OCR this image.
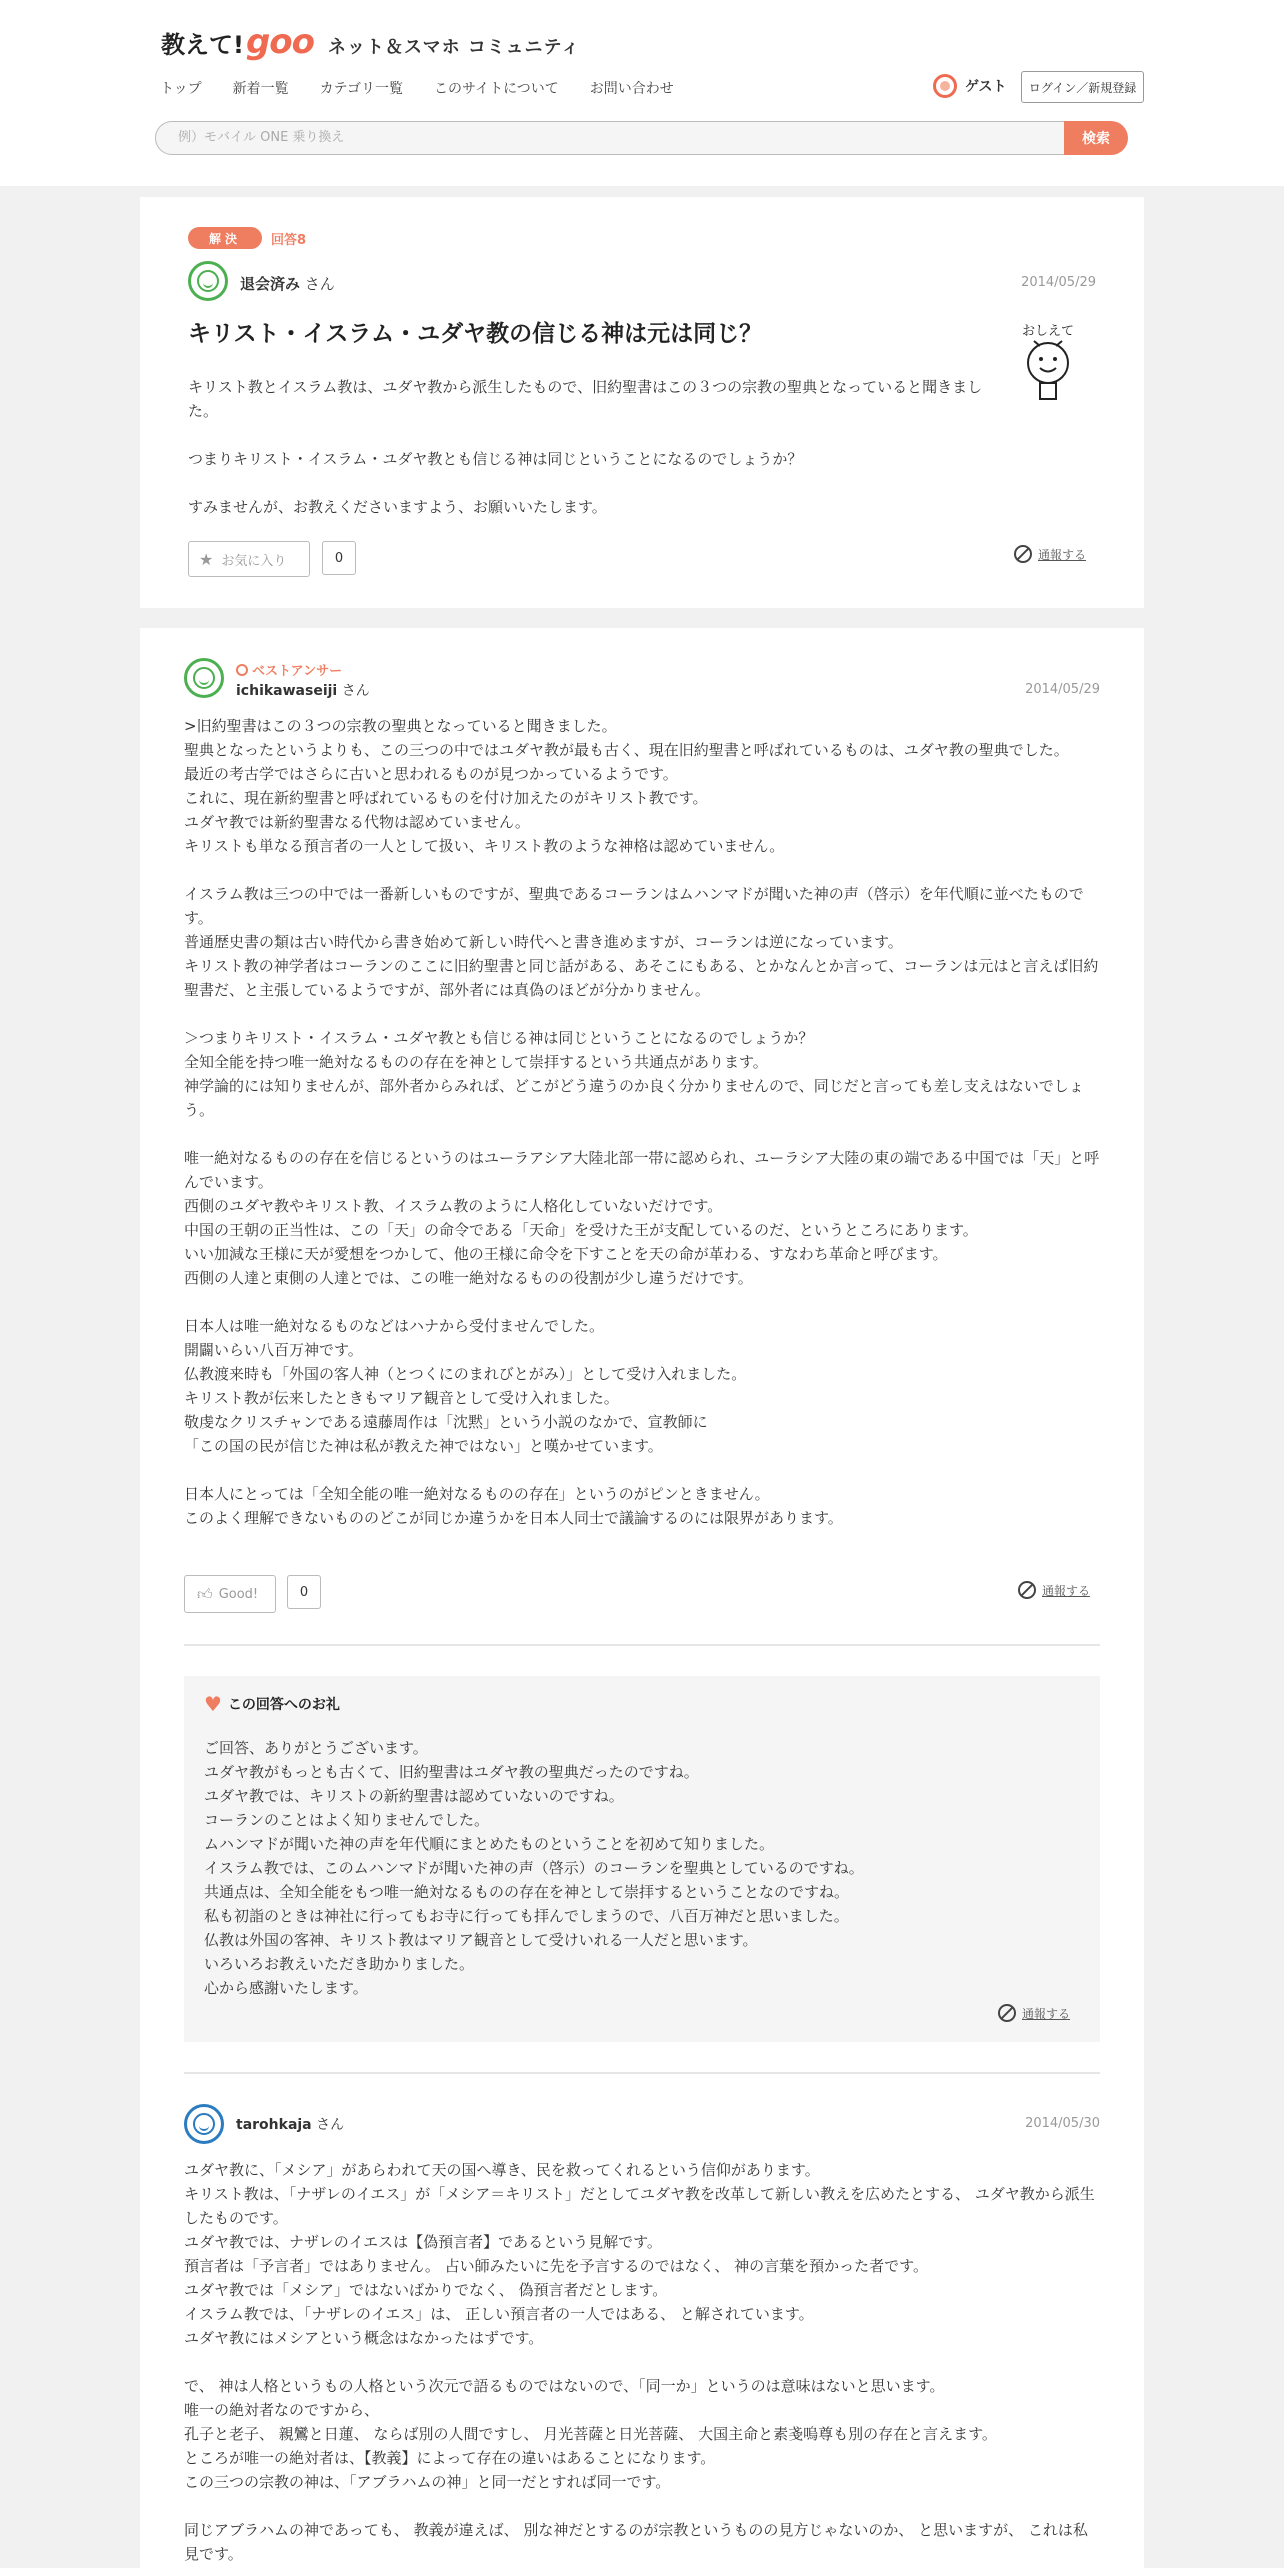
教えて! goo ネット＆スマホ コミュニティ
トップ 新着一覧 カテゴリ一覧 このサイトについて お問い合わせ	ゲスト	ログイン／新規登録
例）モバイル ONE 乗り換え	検索
解決	回答8
退会済み さん	2014/05/29
キリスト・イスラム・ユダヤ教の信じる神は元は同じ？	おしえて

キリスト教とイスラム教は、ユダヤ教から派生したもので、旧約聖書はこの３つの宗教の聖典となっていると聞きました。

つまりキリスト・イスラム・ユダヤ教とも信じる神は同じということになるのでしょうか？

すみませんが、お教えくださいますよう、お願いいたします。

★ お気に入り	0	通報する
ベストアンサー
ichikawaseiji さん	2014/05/29

>旧約聖書はこの３つの宗教の聖典となっていると聞きました。

聖典となったというよりも、この三つの中ではユダヤ教が最も古く、現在旧約聖書と呼ばれているものは、ユダヤ教の聖典でした。

最近の考古学ではさらに古いと思われるものが見つかっているようです。

これに、現在新約聖書と呼ばれているものを付け加えたのがキリスト教です。

ユダヤ教では新約聖書なる代物は認めていません。

キリストも単なる預言者の一人として扱い、キリスト教のような神格は認めていません。

イスラム教は三つの中では一番新しいものですが、聖典であるコーランはムハンマドが聞いた神の声（啓示）を年代順に並べたものです。

普通歴史書の類は古い時代から書き始めて新しい時代へと書き進めますが、コーランは逆になっています。

キリスト教の神学者はコーランのここに旧約聖書と同じ話がある、あそこにもある、とかなんとか言って、コーランは元はと言えば旧約聖書だ、と主張しているようですが、部外者には真偽のほどが分かりません。

＞つまりキリスト・イスラム・ユダヤ教とも信じる神は同じということになるのでしょうか？

全知全能を持つ唯一絶対なるものの存在を神として崇拝するという共通点があります。

神学論的には知りませんが、部外者からみれば、どこがどう違うのか良く分かりませんので、同じだと言っても差し支えはないでしょう。

唯一絶対なるものの存在を信じるというのはユーラアシア大陸北部一帯に認められ、ユーラシア大陸の東の端である中国では「天」と呼んでいます。

西側のユダヤ教やキリスト教、イスラム教のように人格化していないだけです。

中国の王朝の正当性は、この「天」の命令である「天命」を受けた王が支配しているのだ、というところにあります。

いい加減な王様に天が愛想をつかして、他の王様に命令を下すことを天の命が革わる、すなわち革命と呼びます。

西側の人達と東側の人達とでは、この唯一絶対なるものの役割が少し違うだけです。

日本人は唯一絶対なるものなどはハナから受付ませんでした。

開闢いらい八百万神です。

仏教渡来時も「外国の客人神（とつくにのまれびとがみ）」として受け入れました。

キリスト教が伝来したときもマリア観音として受け入れました。

敬虔なクリスチャンである遠藤周作は「沈黙」という小説のなかで、宣教師に

「この国の民が信じた神は私が教えた神ではない」と嘆かせています。

日本人にとっては「全知全能の唯一絶対なるものの存在」というのがピンときません。

このよく理解できないもののどこが同じか違うかを日本人同士で議論するのには限界があります。

👍︎ Good!	0	通報する
♥ この回答へのお礼

ご回答、ありがとうございます。

ユダヤ教がもっとも古くて、旧約聖書はユダヤ教の聖典だったのですね。

ユダヤ教では、キリストの新約聖書は認めていないのですね。

コーランのことはよく知りませんでした。

ムハンマドが聞いた神の声を年代順にまとめたものということを初めて知りました。

イスラム教では、このムハンマドが聞いた神の声（啓示）のコーランを聖典としているのですね。

共通点は、全知全能をもつ唯一絶対なるものの存在を神として崇拝するということなのですね。

私も初詣のときは神社に行ってもお寺に行っても拝んでしまうので、八百万神だと思いました。

仏教は外国の客神、キリスト教はマリア観音として受けいれる一人だと思います。

いろいろお教えいただき助かりました。

心から感謝いたします。

通報する
tarohkaja さん	2014/05/30

ユダヤ教に、「メシア」があらわれて天の国へ導き、民を救ってくれるという信仰があります。

キリスト教は、「ナザレのイエス」が「メシア＝キリスト」だとしてユダヤ教を改革して新しい教えを広めたとする、 ユダヤ教から派生したものです。

ユダヤ教では、ナザレのイエスは【偽預言者】であるという見解です。

預言者は「予言者」ではありません。 占い師みたいに先を予言するのではなく、 神の言葉を預かった者です。

ユダヤ教では「メシア」ではないばかりでなく、 偽預言者だとします。

イスラム教では、「ナザレのイエス」は、 正しい預言者の一人ではある、 と解されています。

ユダヤ教にはメシアという概念はなかったはずです。

で、 神は人格というもの人格という次元で語るものではないので、「同一か」というのは意味はないと思います。

唯一の絶対者なのですから、

孔子と老子、 親鸞と日蓮、 ならば別の人間ですし、 月光菩薩と日光菩薩、 大国主命と素戔嗚尊も別の存在と言えます。

ところが唯一の絶対者は、【教義】によって存在の違いはあることになります。

この三つの宗教の神は、「アブラハムの神」と同一だとすれば同一です。

同じアブラハムの神であっても、 教義が違えば、 別な神だとするのが宗教というものの見方じゃないのか、 と思いますが、 これは私見です。
